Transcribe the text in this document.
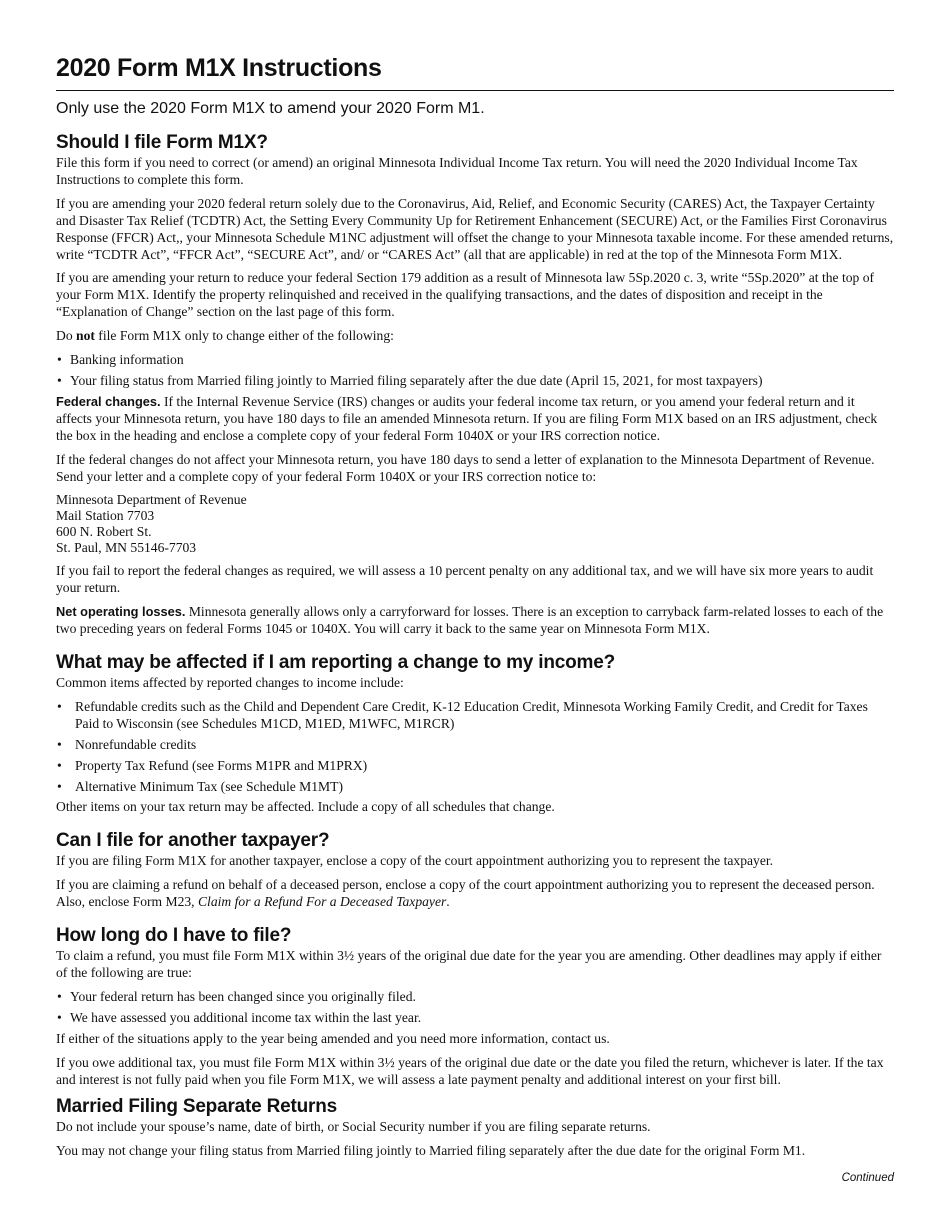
2020 Form M1X Instructions
Only use the 2020 Form M1X to amend your 2020 Form M1.
Should I file Form M1X?

File this form if you need to correct (or amend) an original Minnesota Individual Income Tax return. You will need the 2020 Individual Income Tax Instructions to complete this form.

If you are amending your 2020 federal return solely due to the Coronavirus, Aid, Relief, and Economic Security (CARES) Act, the Taxpayer Certainty and Disaster Tax Relief (TCDTR) Act, the Setting Every Community Up for Retirement Enhancement (SECURE) Act, or the Families First Coronavirus Response (FFCR) Act,, your Minnesota Schedule M1NC adjustment will offset the change to your Minnesota taxable income. For these amended returns, write “TCDTR Act”, “FFCR Act”, “SECURE Act”, and/ or “CARES Act” (all that are applicable) in red at the top of the Minnesota Form M1X.

If you are amending your return to reduce your federal Section 179 addition as a result of Minnesota law 5Sp.2020 c. 3, write “5Sp.2020” at the top of your Form M1X. Identify the property relinquished and received in the qualifying transactions, and the dates of disposition and receipt in the “Explanation of Change” section on the last page of this form.

Do not file Form M1X only to change either of the following:

• Banking information
• Your filing status from Married filing jointly to Married filing separately after the due date (April 15, 2021, for most taxpayers)

Federal changes. If the Internal Revenue Service (IRS) changes or audits your federal income tax return, or you amend your federal return and it affects your Minnesota return, you have 180 days to file an amended Minnesota return. If you are filing Form M1X based on an IRS adjustment, check the box in the heading and enclose a complete copy of your federal Form 1040X or your IRS correction notice.

If the federal changes do not affect your Minnesota return, you have 180 days to send a letter of explanation to the Minnesota Department of Revenue. Send your letter and a complete copy of your federal Form 1040X or your IRS correction notice to:

Minnesota Department of Revenue
Mail Station 7703
600 N. Robert St.
St. Paul, MN 55146-7703

If you fail to report the federal changes as required, we will assess a 10 percent penalty on any additional tax, and we will have six more years to audit your return.

Net operating losses. Minnesota generally allows only a carryforward for losses. There is an exception to carryback farm-related losses to each of the two preceding years on federal Forms 1045 or 1040X. You will carry it back to the same year on Minnesota Form M1X.

What may be affected if I am reporting a change to my income?

Common items affected by reported changes to income include:

• Refundable credits such as the Child and Dependent Care Credit, K-12 Education Credit, Minnesota Working Family Credit, and Credit for Taxes Paid to Wisconsin (see Schedules M1CD, M1ED, M1WFC, M1RCR)
• Nonrefundable credits
• Property Tax Refund (see Forms M1PR and M1PRX)
• Alternative Minimum Tax (see Schedule M1MT)

Other items on your tax return may be affected. Include a copy of all schedules that change.

Can I file for another taxpayer?

If you are filing Form M1X for another taxpayer, enclose a copy of the court appointment authorizing you to represent the taxpayer.

If you are claiming a refund on behalf of a deceased person, enclose a copy of the court appointment authorizing you to represent the deceased person. Also, enclose Form M23, Claim for a Refund For a Deceased Taxpayer.

How long do I have to file?

To claim a refund, you must file Form M1X within 3½ years of the original due date for the year you are amending. Other deadlines may apply if either of the following are true:

• Your federal return has been changed since you originally filed.
• We have assessed you additional income tax within the last year.

If either of the situations apply to the year being amended and you need more information, contact us.

If you owe additional tax, you must file Form M1X within 3½ years of the original due date or the date you filed the return, whichever is later. If the tax and interest is not fully paid when you file Form M1X, we will assess a late payment penalty and additional interest on your first bill.

Married Filing Separate Returns

Do not include your spouse’s name, date of birth, or Social Security number if you are filing separate returns.

You may not change your filing status from Married filing jointly to Married filing separately after the due date for the original Form M1.

Continued
